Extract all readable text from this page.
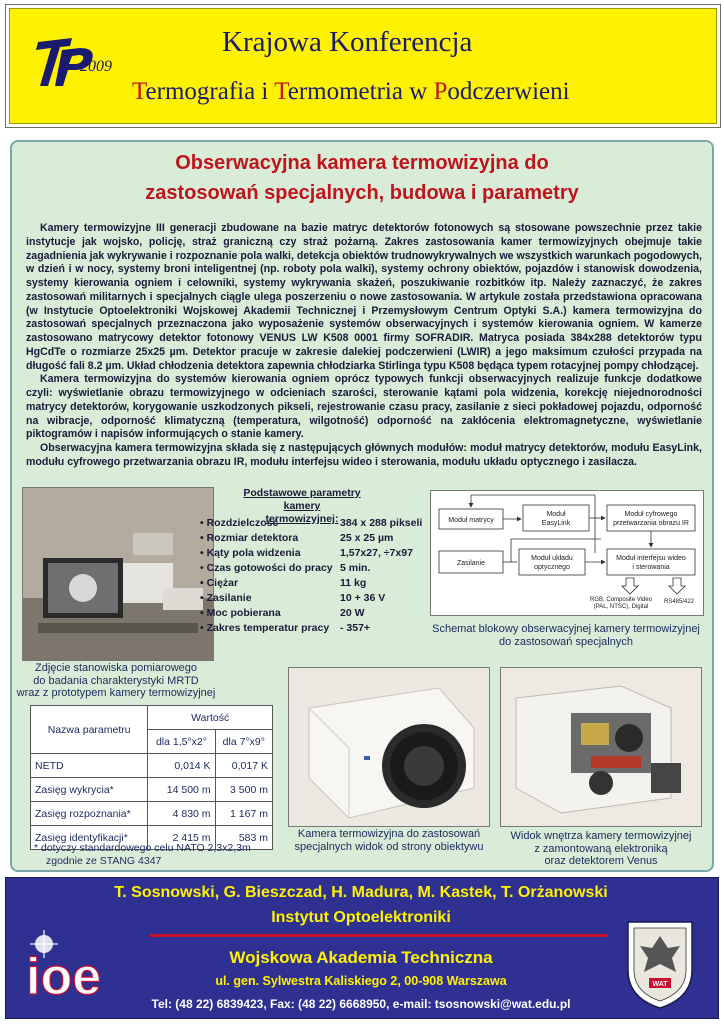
2009
Krajowa Konferencja
Termografia i Termometria w Podczerwieni
Obserwacyjna kamera termowizyjna do
zastosowań specjalnych, budowa i parametry

Kamery termowizyjne III generacji zbudowane na bazie matryc detektorów fotonowych są stosowane powszechnie przez takie instytucje jak wojsko, policję, straż graniczną czy straż pożarną. Zakres zastosowania kamer termowizyjnych obejmuje takie zagadnienia jak wykrywanie i rozpoznanie pola walki, detekcja obiektów trudnowykrywalnych we wszystkich warunkach pogodowych, w dzień i w nocy, systemy broni inteligentnej (np. roboty pola walki), systemy ochrony obiektów, pojazdów i stanowisk dowodzenia, systemy kierowania ogniem i celowniki, systemy wykrywania skażeń, poszukiwanie rozbitków itp. Należy zaznaczyć, że zakres zastosowań militarnych i specjalnych ciągle ulega poszerzeniu o nowe zastosowania. W artykule została przedstawiona opracowana (w Instytucie Optoelektroniki Wojskowej Akademii Technicznej i Przemysłowym Centrum Optyki S.A.) kamera termowizyjna do zastosowań specjalnych przeznaczona jako wyposażenie systemów obserwacyjnych i systemów kierowania ogniem. W kamerze zastosowano matrycowy detektor fotonowy VENUS LW K508 0001 firmy SOFRADIR. Matryca posiada 384x288 detektorów typu HgCdTe o rozmiarze 25x25 µm. Detektor pracuje w zakresie dalekiej podczerwieni (LWIR) a jego maksimum czułości przypada na długość fali 8.2 µm. Układ chłodzenia detektora zapewnia chłodziarka Stirlinga typu K508 będąca typem rotacyjnej pompy chłodzącej.

Kamera termowizyjna do systemów kierowania ogniem oprócz typowych funkcji obserwacyjnych realizuje funkcje dodatkowe czyli: wyświetlanie obrazu termowizyjnego w odcieniach szarości, sterowanie kątami pola widzenia, korekcję niejednorodności matrycy detektorów, korygowanie uszkodzonych pikseli, rejestrowanie czasu pracy, zasilanie z sieci pokładowej pojazdu, odporność na wibracje, odporność klimatyczną (temperatura, wilgotność) odporność na zakłócenia elektromagnetyczne, wyświetlanie piktogramów i napisów informujących o stanie kamery.

Obserwacyjna kamera termowizyjna składa się z następujących głównych modułów: moduł matrycy detektorów, modułu EasyLink, modułu cyfrowego przetwarzania obrazu IR, modułu interfejsu wideo i sterowania, modułu układu optycznego i zasilacza.

Zdjęcie stanowiska pomiarowego
do badania charakterystyki MRTD
wraz z prototypem kamery termowizyjnej
Podstawowe parametry kamery
termowizyjnej:
• Rozdzielczość	384 x 288 pikseli
• Rozmiar detektora	25 x 25 µm
• Kąty pola widzenia	1,57x27, ÷7x97
• Czas gotowości do pracy 5 min.
• Ciężar	11 kg
• Zasilanie	10 + 36 V
• Moc pobierana	20 W
• Zakres temperatur pracy - 357+
Moduł matrycy
Moduł
EasyLink
Moduł cyfrowego
przetwarzania obrazu IR
Zasilanie
Moduł układu
optycznego
Moduł interfejsu wideo
i sterowania
RGB, Composite Video
(PAL, NTSC), Digital
RS485/422
Schemat blokowy obserwacyjnej kamery termowizyjnej
do zastosowań specjalnych
Nazwa parametru	Wartość	
	dla 1,5°x2°	dla 7°x9°
NETD	0,014 K	0,017 K
Zasięg wykrycia*	14 500 m	3 500 m
Zasięg rozpoznania*	4 830 m	1 167 m
Zasięg identyfikacji*	2 415 m	583 m
* dotyczy standardowego celu NATO 2,3x2,3m
zgodnie ze STANG 4347
Kamera termowizyjna do zastosowań
specjalnych widok od strony obiektywu
Widok wnętrza kamery termowizyjnej
z zamontowaną elektroniką
oraz detektorem Venus
T. Sosnowski, G. Bieszczad, H. Madura, M. Kastek, T. Orżanowski
Instytut Optoelektroniki
Wojskowa Akademia Techniczna
ul. gen. Sylwestra Kaliskiego 2, 00-908 Warszawa
Tel: (48 22) 6839423, Fax: (48 22) 6668950, e-mail: tsosnowski@wat.edu.pl
ioe	WAT
